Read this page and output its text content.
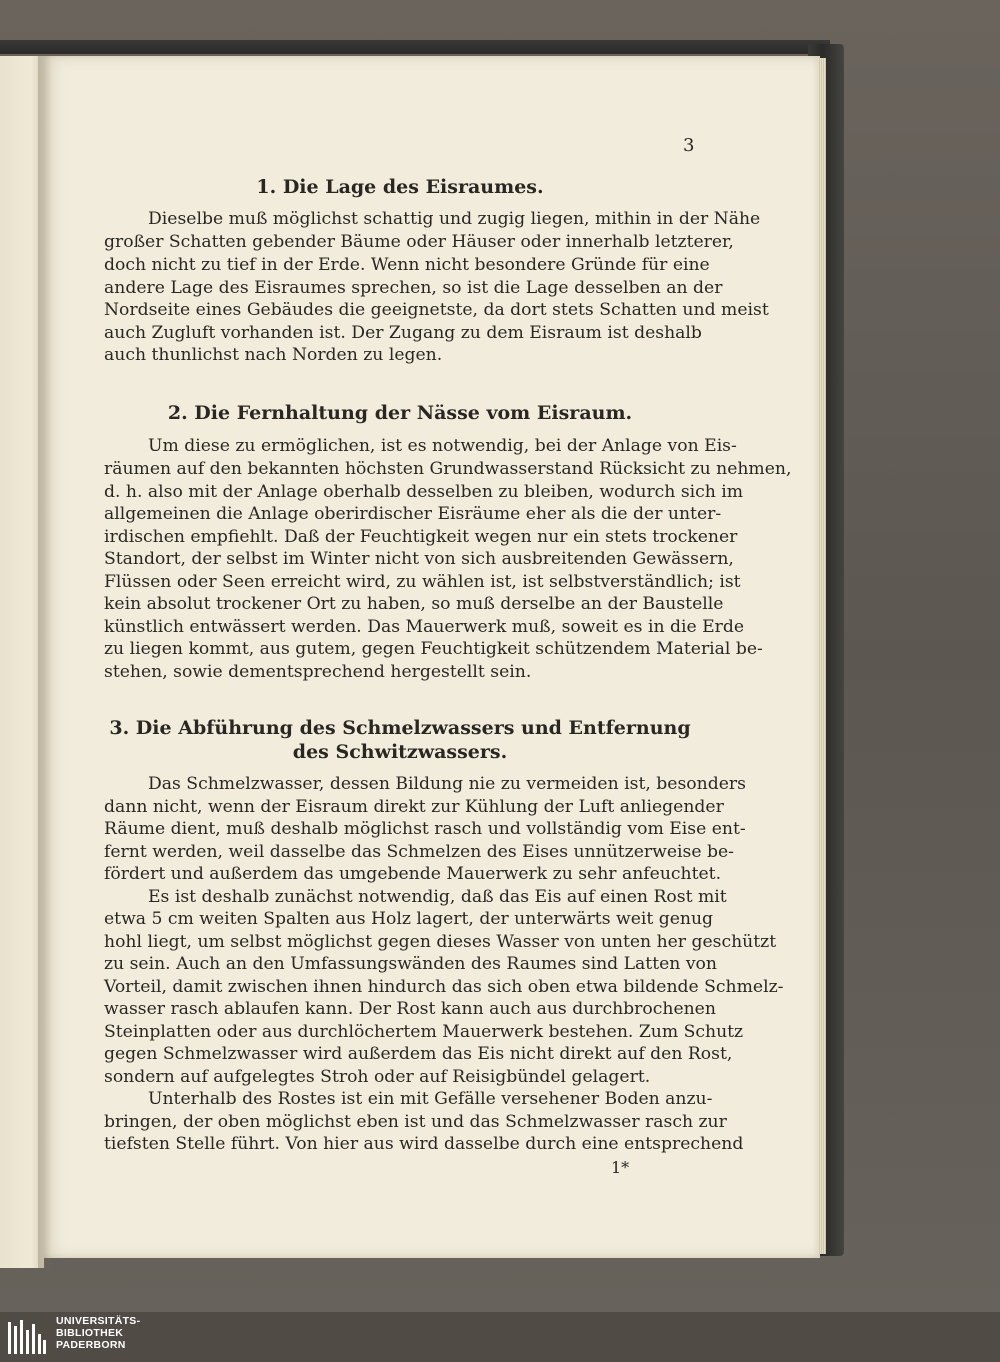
3
1. Die Lage des Eisraumes.
Dieselbe muß möglichst schattig und zugig liegen, mithin in der Nähe
großer Schatten gebender Bäume oder Häuser oder innerhalb letzterer,
doch nicht zu tief in der Erde. Wenn nicht besondere Gründe für eine
andere Lage des Eisraumes sprechen, so ist die Lage desselben an der
Nordseite eines Gebäudes die geeignetste, da dort stets Schatten und meist
auch Zugluft vorhanden ist. Der Zugang zu dem Eisraum ist deshalb
auch thunlichst nach Norden zu legen.
2. Die Fernhaltung der Nässe vom Eisraum.
Um diese zu ermöglichen, ist es notwendig, bei der Anlage von Eis-
räumen auf den bekannten höchsten Grundwasserstand Rücksicht zu nehmen,
d. h. also mit der Anlage oberhalb desselben zu bleiben, wodurch sich im
allgemeinen die Anlage oberirdischer Eisräume eher als die der unter-
irdischen empfiehlt. Daß der Feuchtigkeit wegen nur ein stets trockener
Standort, der selbst im Winter nicht von sich ausbreitenden Gewässern,
Flüssen oder Seen erreicht wird, zu wählen ist, ist selbstverständlich; ist
kein absolut trockener Ort zu haben, so muß derselbe an der Baustelle
künstlich entwässert werden. Das Mauerwerk muß, soweit es in die Erde
zu liegen kommt, aus gutem, gegen Feuchtigkeit schützendem Material be-
stehen, sowie dementsprechend hergestellt sein.
3. Die Abführung des Schmelzwassers und Entfernung
des Schwitzwassers.
Das Schmelzwasser, dessen Bildung nie zu vermeiden ist, besonders
dann nicht, wenn der Eisraum direkt zur Kühlung der Luft anliegender
Räume dient, muß deshalb möglichst rasch und vollständig vom Eise ent-
fernt werden, weil dasselbe das Schmelzen des Eises unnützerweise be-
fördert und außerdem das umgebende Mauerwerk zu sehr anfeuchtet.
Es ist deshalb zunächst notwendig, daß das Eis auf einen Rost mit
etwa 5 cm weiten Spalten aus Holz lagert, der unterwärts weit genug
hohl liegt, um selbst möglichst gegen dieses Wasser von unten her geschützt
zu sein. Auch an den Umfassungswänden des Raumes sind Latten von
Vorteil, damit zwischen ihnen hindurch das sich oben etwa bildende Schmelz-
wasser rasch ablaufen kann. Der Rost kann auch aus durchbrochenen
Steinplatten oder aus durchlöchertem Mauerwerk bestehen. Zum Schutz
gegen Schmelzwasser wird außerdem das Eis nicht direkt auf den Rost,
sondern auf aufgelegtes Stroh oder auf Reisigbündel gelagert.
Unterhalb des Rostes ist ein mit Gefälle versehener Boden anzu-
bringen, der oben möglichst eben ist und das Schmelzwasser rasch zur
tiefsten Stelle führt. Von hier aus wird dasselbe durch eine entsprechend
1*
UNIVERSITÄTS-
BIBLIOTHEK
PADERBORN
